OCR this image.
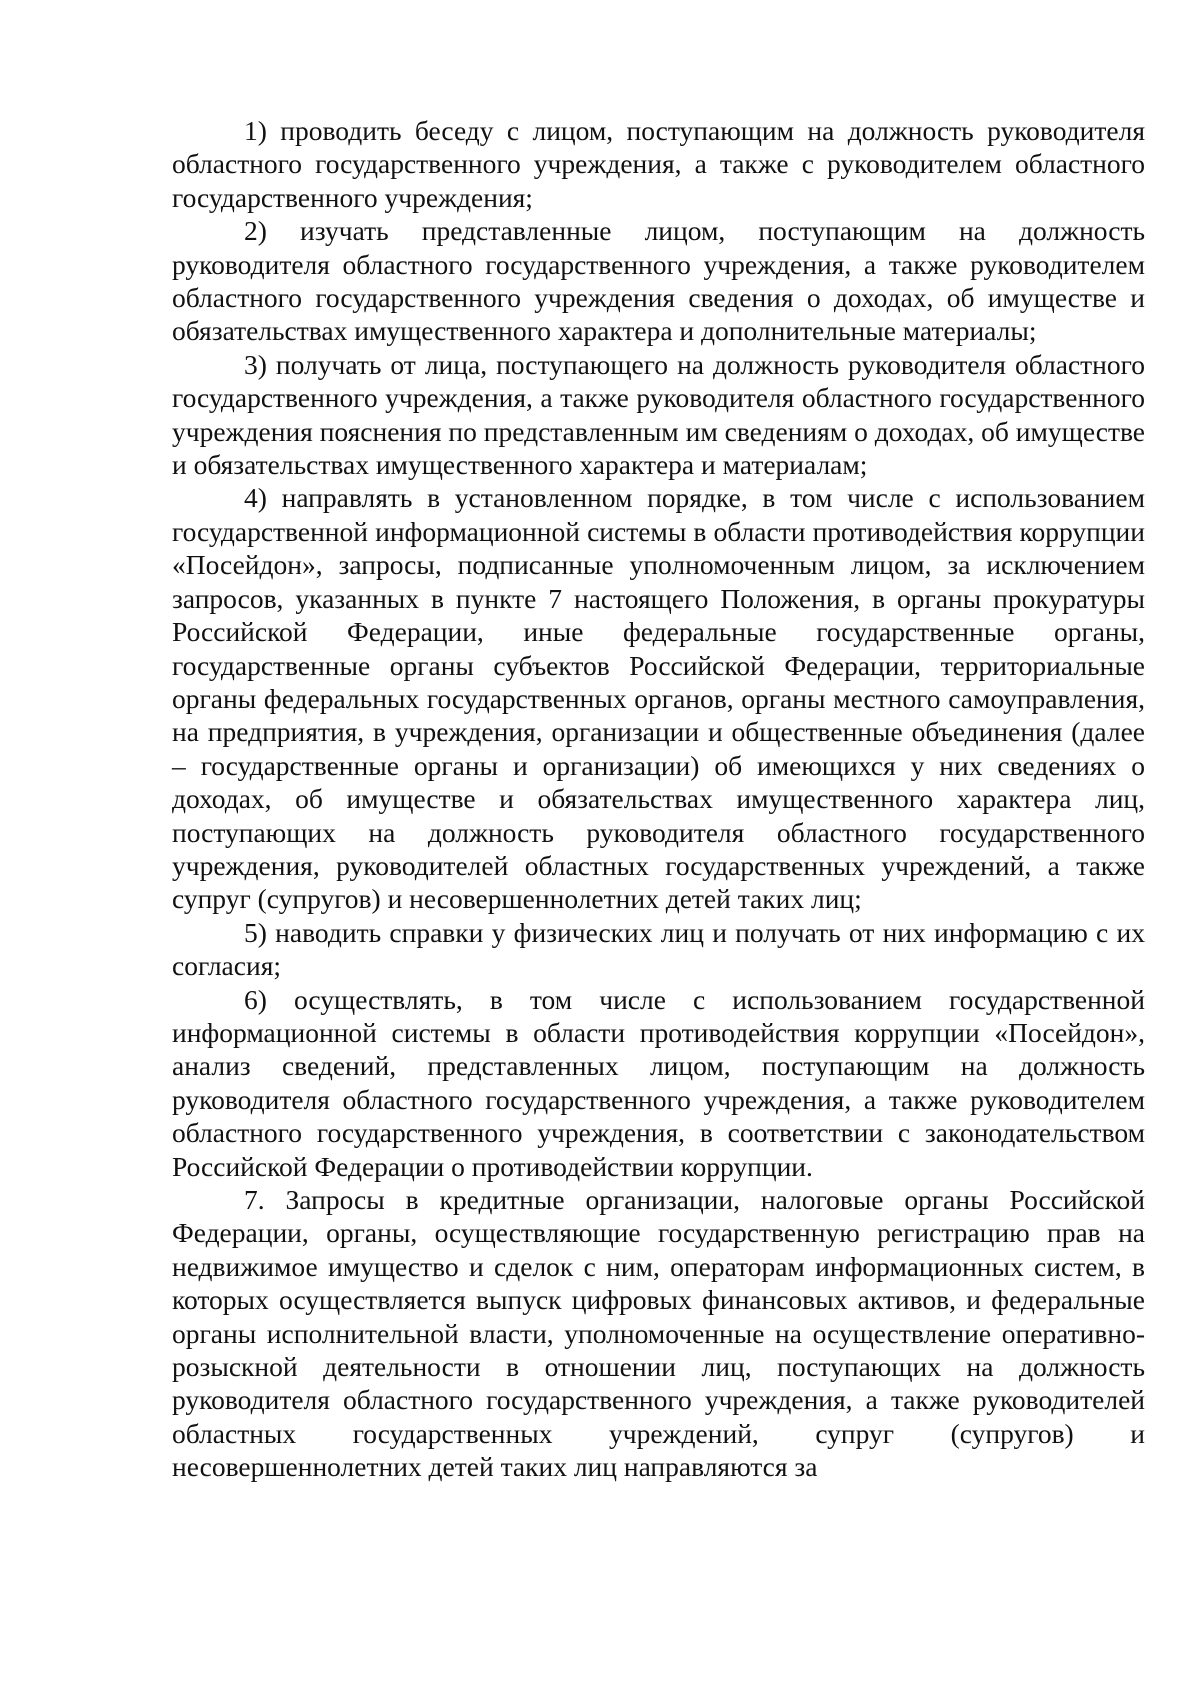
1) проводить беседу с лицом, поступающим на должность руководителя областного государственного учреждения, а также с руководителем областного государственного учреждения;

2) изучать представленные лицом, поступающим на должность руководителя областного государственного учреждения, а также руководителем областного государственного учреждения сведения о доходах, об имуществе и обязательствах имущественного характера и дополнительные материалы;

3) получать от лица, поступающего на должность руководителя областного государственного учреждения, а также руководителя областного государственного учреждения пояснения по представленным им сведениям о доходах, об имуществе и обязательствах имущественного характера и материалам;

4) направлять в установленном порядке, в том числе с использованием государственной информационной системы в области противодействия коррупции «Посейдон», запросы, подписанные уполномоченным лицом, за исключением запросов, указанных в пункте 7 настоящего Положения, в органы прокуратуры Российской Федерации, иные федеральные государственные органы, государственные органы субъектов Российской Федерации, территориальные органы федеральных государственных органов, органы местного самоуправления, на предприятия, в учреждения, организации и общественные объединения (далее – государственные органы и организации) об имеющихся у них сведениях о доходах, об имуществе и обязательствах имущественного характера лиц, поступающих на должность руководителя областного государственного учреждения, руководителей областных государственных учреждений, а также супруг (супругов) и несовершеннолетних детей таких лиц;

5) наводить справки у физических лиц и получать от них информацию с их согласия;

6) осуществлять, в том числе с использованием государственной информационной системы в области противодействия коррупции «Посейдон», анализ сведений, представленных лицом, поступающим на должность руководителя областного государственного учреждения, а также руководителем областного государственного учреждения, в соответствии с законодательством Российской Федерации о противодействии коррупции.

7. Запросы в кредитные организации, налоговые органы Российской Федерации, органы, осуществляющие государственную регистрацию прав на недвижимое имущество и сделок с ним, операторам информационных систем, в которых осуществляется выпуск цифровых финансовых активов, и федеральные органы исполнительной власти, уполномоченные на осуществление оперативно-розыскной деятельности в отношении лиц, поступающих на должность руководителя областного государственного учреждения, а также руководителей областных государственных учреждений, супруг (супругов) и несовершеннолетних детей таких лиц направляются за
